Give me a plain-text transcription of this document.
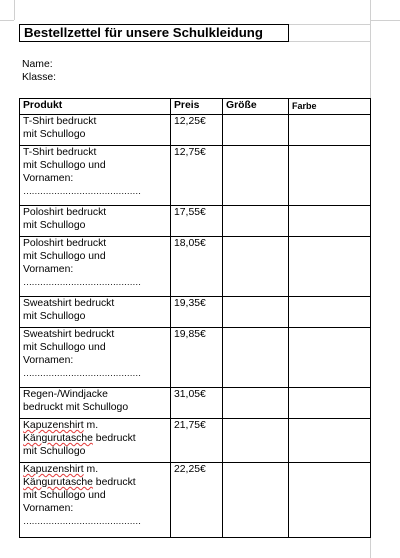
Bestellzettel für unsere Schulkleidung
Name:
Klasse:
Produkt	Preis	Größe	Farbe

T-Shirt bedruckt
mit Schullogo	12,25€		

T-Shirt bedruckt
mit Schullogo und
Vornamen:
……………………………………	12,75€		

Poloshirt bedruckt
mit Schullogo	17,55€		

Poloshirt bedruckt
mit Schullogo und
Vornamen:
……………………………………	18,05€		

Sweatshirt bedruckt
mit Schullogo	19,35€		

Sweatshirt bedruckt
mit Schullogo und
Vornamen:
……………………………………	19,85€		

Regen-/Windjacke
bedruckt mit Schullogo	31,05€		

Kapuzenshirt m.
Kängurutasche bedruckt
mit Schullogo	21,75€		

Kapuzenshirt m.
Kängurutasche bedruckt
mit Schullogo und
Vornamen:
……………………………………	22,25€		
